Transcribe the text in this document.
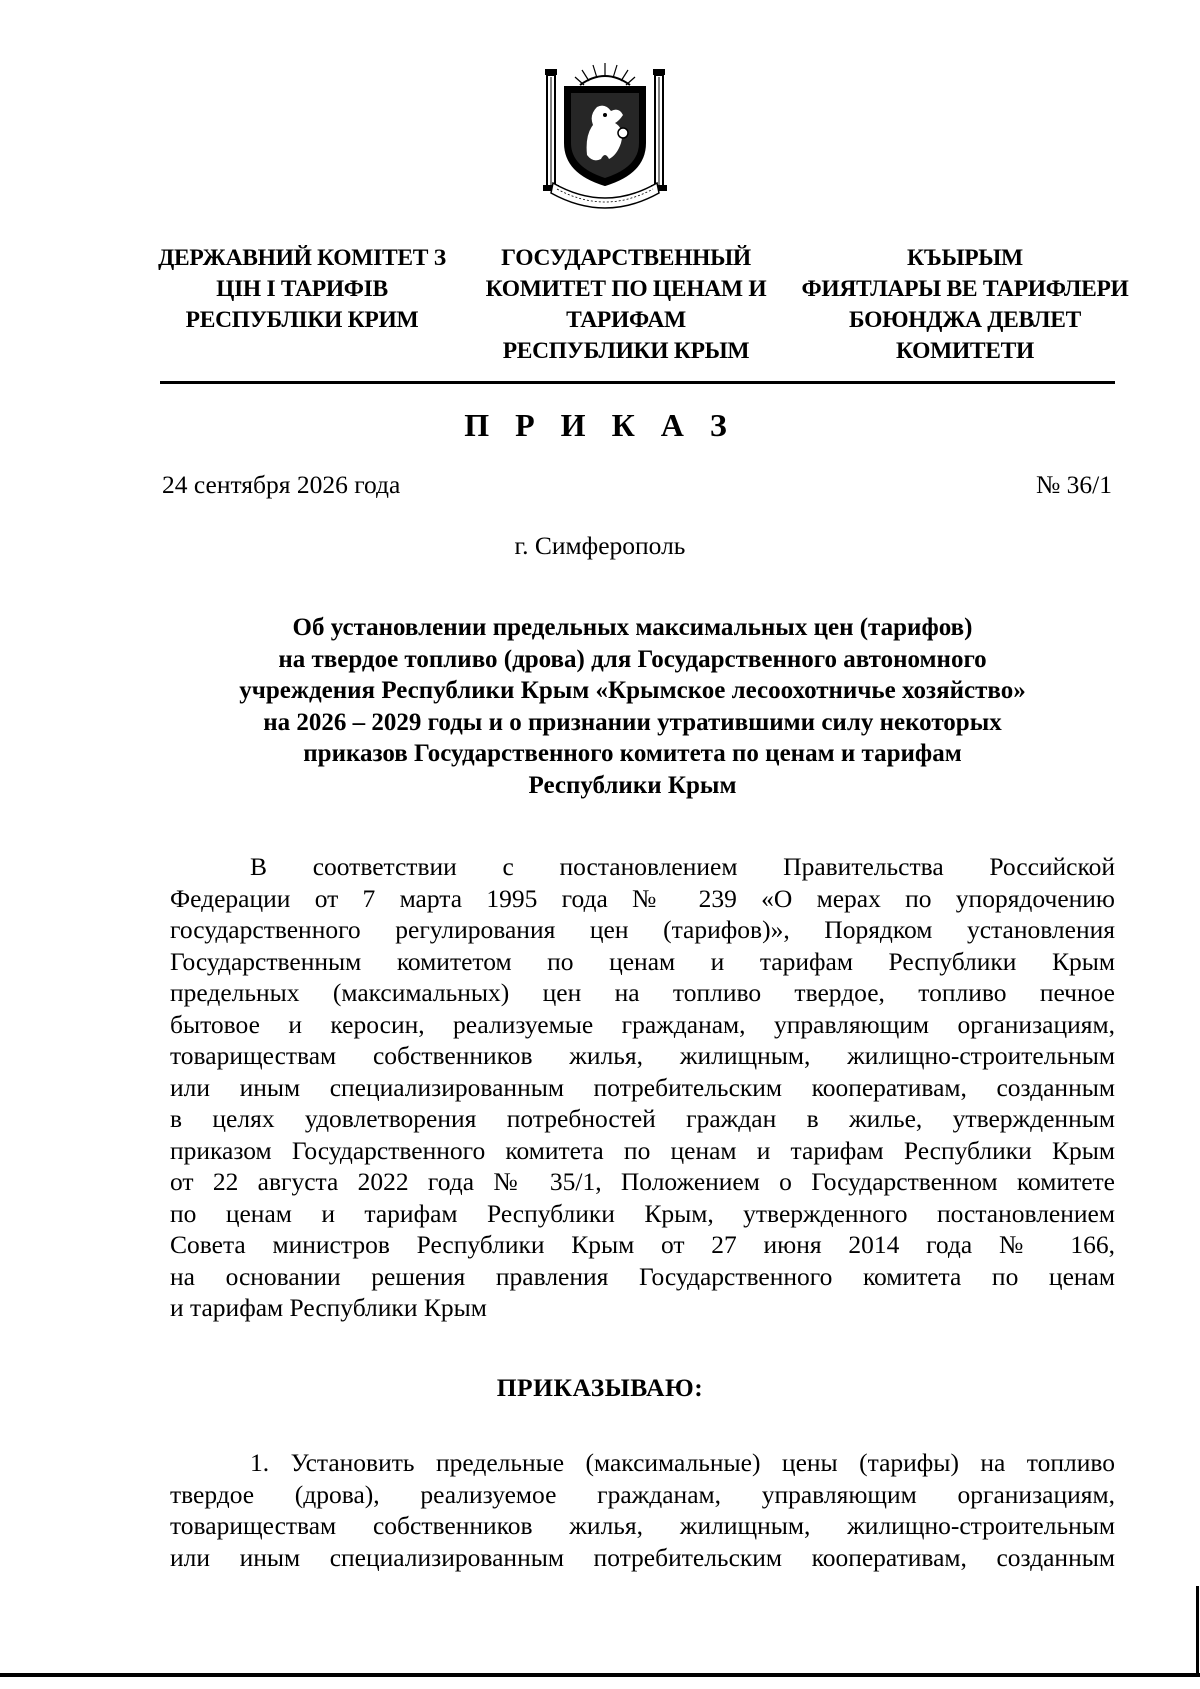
ДЕРЖАВНИЙ КОМІТЕТ З
ЦІН І ТАРИФІВ
РЕСПУБЛІКИ КРИМ
ГОСУДАРСТВЕННЫЙ
КОМИТЕТ ПО ЦЕНАМ И
ТАРИФАМ
РЕСПУБЛИКИ КРЫМ
КЪЫРЫМ
ФИЯТЛАРЫ ВЕ ТАРИФЛЕРИ
БОЮНДЖА ДЕВЛЕТ
КОМИТЕТИ
П Р И К А З
24 сентября 2026 года	№ 36/1
г. Симферополь
Об установлении предельных максимальных цен (тарифов)
на твердое топливо (дрова) для Государственного автономного
учреждения Республики Крым «Крымское лесоохотничье хозяйство»
на 2026 – 2029 годы и о признании утратившими силу некоторых
приказов Государственного комитета по ценам и тарифам
Республики Крым
В соответствии с постановлением Правительства Российской
Федерации от 7 марта 1995 года № 239 «О мерах по упорядочению
государственного регулирования цен (тарифов)», Порядком установления
Государственным комитетом по ценам и тарифам Республики Крым
предельных (максимальных) цен на топливо твердое, топливо печное
бытовое и керосин, реализуемые гражданам, управляющим организациям,
товариществам собственников жилья, жилищным, жилищно-строительным
или иным специализированным потребительским кооперативам, созданным
в целях удовлетворения потребностей граждан в жилье, утвержденным
приказом Государственного комитета по ценам и тарифам Республики Крым
от 22 августа 2022 года № 35/1, Положением о Государственном комитете
по ценам и тарифам Республики Крым, утвержденного постановлением
Совета министров Республики Крым от 27 июня 2014 года № 166,
на основании решения правления Государственного комитета по ценам
и тарифам Республики Крым
ПРИКАЗЫВАЮ:
1. Установить предельные (максимальные) цены (тарифы) на топливо
твердое (дрова), реализуемое гражданам, управляющим организациям,
товариществам собственников жилья, жилищным, жилищно-строительным
или иным специализированным потребительским кооперативам, созданным
